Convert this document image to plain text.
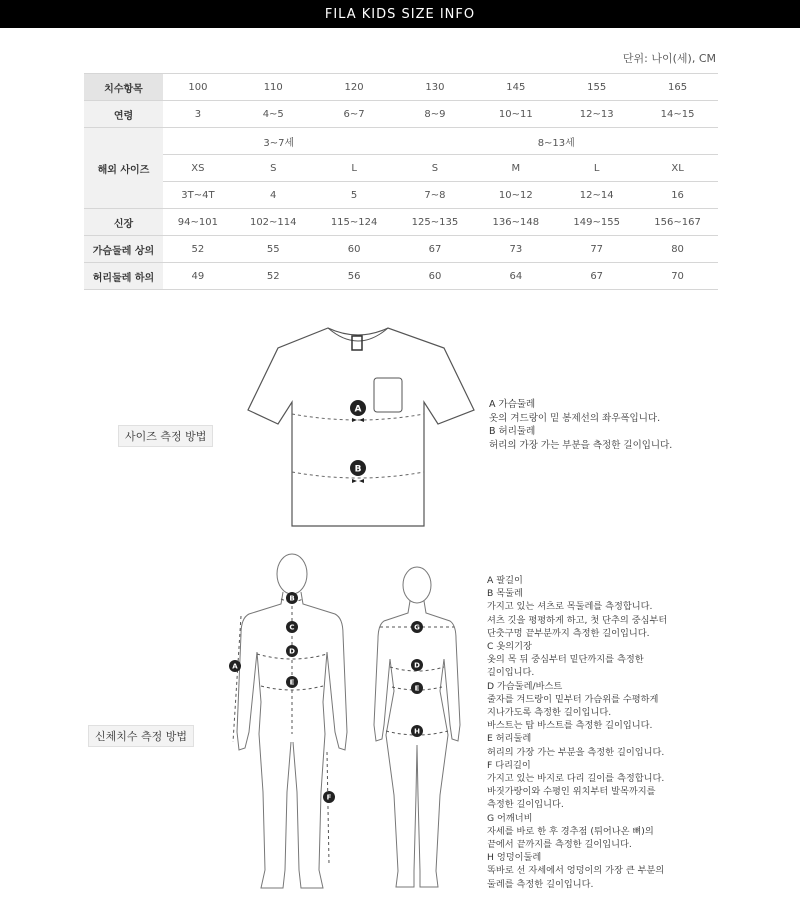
FILA KIDS SIZE INFO
단위: 나이(세), CM
치수항목	100	110	120	130	145	155	165
연령	3	4~5	6~7	8~9	10~11	12~13	14~15
해외 사이즈	3~7세			8~13세			
	XS	S	L	S	M	L	XL
	3T~4T	4	5	7~8	10~12	12~14	16
신장	94~101	102~114	115~124	125~135	136~148	149~155	156~167
가슴둘레 상의	52	55	60	67	73	77	80
허리둘레 하의	49	52	56	60	64	67	70
사이즈 측정 방법
A
B
A 가슴둘레
옷의 겨드랑이 밑 봉제선의 좌우폭입니다.
B 허리둘레
허리의 가장 가는 부분을 측정한 길이입니다.
신체치수 측정 방법
A
B
C
D
E
F
G
D
E
H
A 팔길이
B 목둘레
가지고 있는 셔츠로 목둘레를 측정합니다.
셔츠 깃을 평평하게 하고, 첫 단추의 중심부터
단춧구멍 끝부분까지 측정한 길이입니다.
C 옷의기장
옷의 목 뒤 중심부터 밑단까지를 측정한
길이입니다.
D 가슴둘레/바스트
줄자를 겨드랑이 밑부터 가슴위를 수평하게
지나가도록 측정한 길이입니다.
바스트는 탑 바스트를 측정한 길이입니다.
E 허리둘레
허리의 가장 가는 부분을 측정한 길이입니다.
F 다리길이
가지고 있는 바지로 다리 길이를 측정합니다.
바짓가랑이와 수평인 위치부터 발목까지를
측정한 길이입니다.
G 어깨너비
자세를 바로 한 후 경추점 (튀어나온 뼈)의
끝에서 끝까지를 측정한 길이입니다.
H 엉덩이둘레
똑바로 선 자세에서 엉덩이의 가장 큰 부분의
둘레를 측정한 길이입니다.
